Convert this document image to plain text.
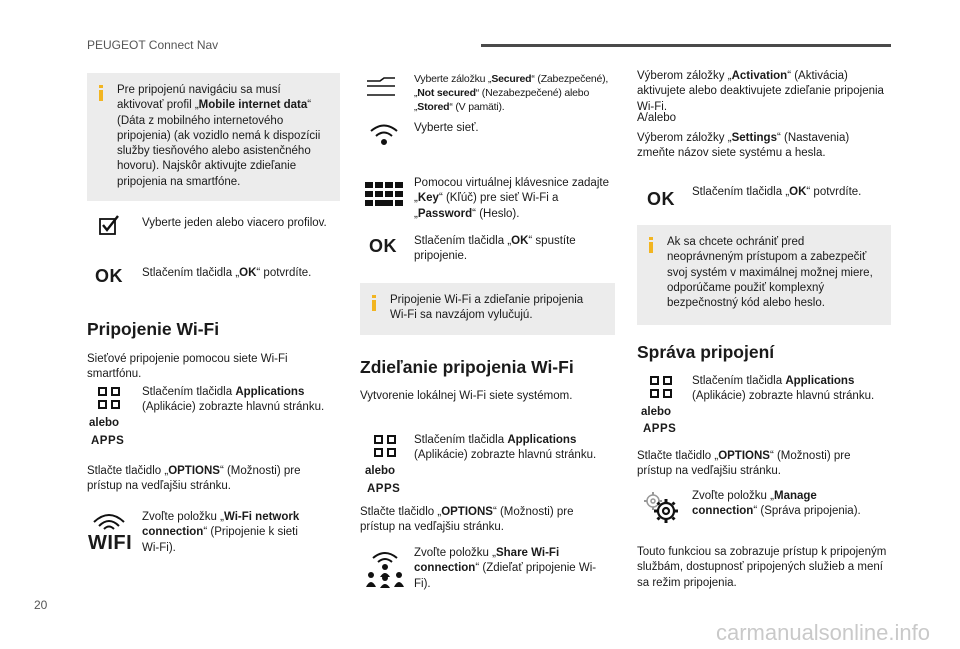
PEUGEOT Connect Nav
Pre pripojenú navigáciu sa musí aktivovať profil „Mobile internet data“ (Dáta z mobilného internetového pripojenia) (ak vozidlo nemá k dispozícii služby tiesňového alebo asistenčného hovoru). Najskôr aktivujte zdieľanie pripojenia na smartfóne.
Vyberte jeden alebo viacero profilov.
OK Stlačením tlačidla „OK“ potvrdíte.
Pripojenie Wi-Fi
Sieťové pripojenie pomocou siete Wi-Fi smartfónu.
alebo
APPS
Stlačením tlačidla Applications (Aplikácie) zobrazte hlavnú stránku.
Stlačte tlačidlo „OPTIONS“ (Možnosti) pre prístup na vedľajšiu stránku.
WIFI
Zvoľte položku „Wi-Fi network connection“ (Pripojenie k sieti Wi-Fi).
Vyberte záložku „Secured“ (Zabezpečené), „Not secured“ (Nezabezpečené) alebo „Stored“ (V pamäti).
Vyberte sieť.
Pomocou virtuálnej klávesnice zadajte „Key“ (Kľúč) pre sieť Wi-Fi a „Password“ (Heslo).
OK Stlačením tlačidla „OK“ spustíte pripojenie.
Pripojenie Wi-Fi a zdieľanie pripojenia Wi-Fi sa navzájom vylučujú.
Zdieľanie pripojenia Wi-Fi
Vytvorenie lokálnej Wi-Fi siete systémom.
alebo
APPS
Stlačením tlačidla Applications (Aplikácie) zobrazte hlavnú stránku.
Stlačte tlačidlo „OPTIONS“ (Možnosti) pre prístup na vedľajšiu stránku.
Zvoľte položku „Share Wi-Fi connection“ (Zdieľať pripojenie Wi-Fi).
Výberom záložky „Activation“ (Aktivácia) aktivujete alebo deaktivujete zdieľanie pripojenia Wi-Fi.
A/alebo
Výberom záložky „Settings“ (Nastavenia) zmeňte názov siete systému a hesla.
OK Stlačením tlačidla „OK“ potvrdíte.
Ak sa chcete ochrániť pred neoprávneným prístupom a zabezpečiť svoj systém v maximálnej možnej miere, odporúčame použiť komplexný bezpečnostný kód alebo heslo.
Správa pripojení
alebo
APPS
Stlačením tlačidla Applications (Aplikácie) zobrazte hlavnú stránku.
Stlačte tlačidlo „OPTIONS“ (Možnosti) pre prístup na vedľajšiu stránku.
Zvoľte položku „Manage connection“ (Správa pripojenia).
Touto funkciou sa zobrazuje prístup k pripojeným službám, dostupnosť pripojených služieb a mení sa režim pripojenia.
20
carmanualsonline.info
